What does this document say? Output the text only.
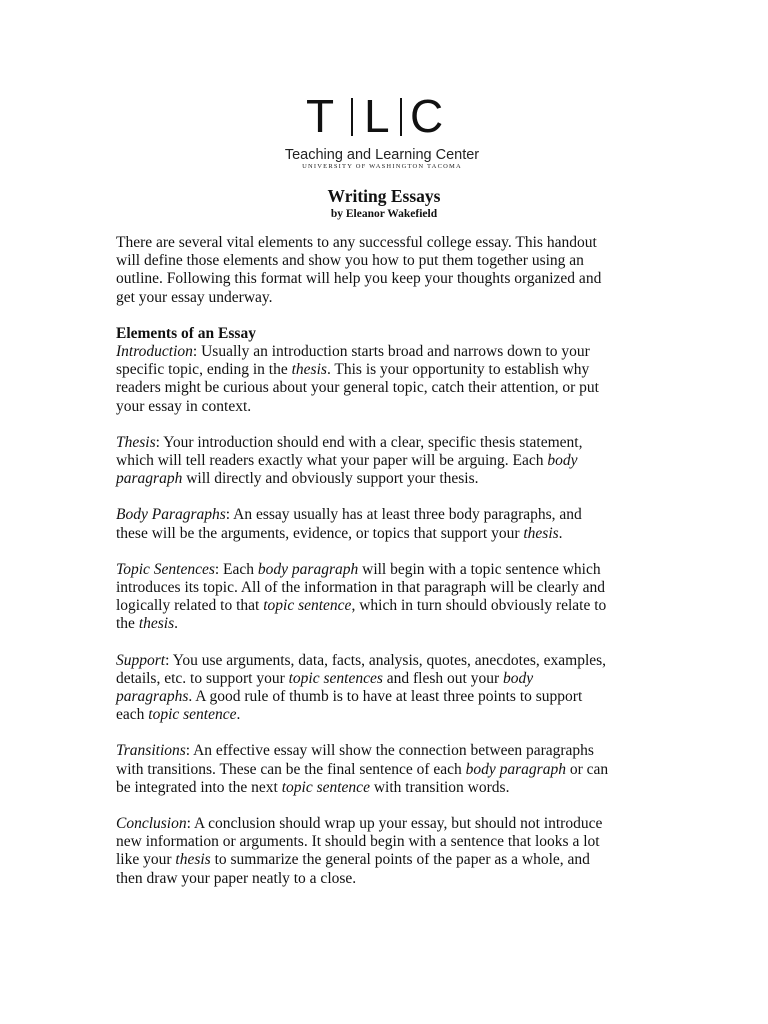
T L C
Teaching and Learning Center
UNIVERSITY OF WASHINGTON TACOMA
Writing Essays
by Eleanor Wakefield

There are several vital elements to any successful college essay. This handout
will define those elements and show you how to put them together using an
outline. Following this format will help you keep your thoughts organized and
get your essay underway.

Elements of an Essay

Introduction: Usually an introduction starts broad and narrows down to your
specific topic, ending in the thesis. This is your opportunity to establish why
readers might be curious about your general topic, catch their attention, or put
your essay in context.

Thesis: Your introduction should end with a clear, specific thesis statement,
which will tell readers exactly what your paper will be arguing. Each body
paragraph will directly and obviously support your thesis.

Body Paragraphs: An essay usually has at least three body paragraphs, and
these will be the arguments, evidence, or topics that support your thesis.

Topic Sentences: Each body paragraph will begin with a topic sentence which
introduces its topic. All of the information in that paragraph will be clearly and
logically related to that topic sentence, which in turn should obviously relate to
the thesis.

Support: You use arguments, data, facts, analysis, quotes, anecdotes, examples,
details, etc. to support your topic sentences and flesh out your body
paragraphs. A good rule of thumb is to have at least three points to support
each topic sentence.

Transitions: An effective essay will show the connection between paragraphs
with transitions. These can be the final sentence of each body paragraph or can
be integrated into the next topic sentence with transition words.

Conclusion: A conclusion should wrap up your essay, but should not introduce
new information or arguments. It should begin with a sentence that looks a lot
like your thesis to summarize the general points of the paper as a whole, and
then draw your paper neatly to a close.
